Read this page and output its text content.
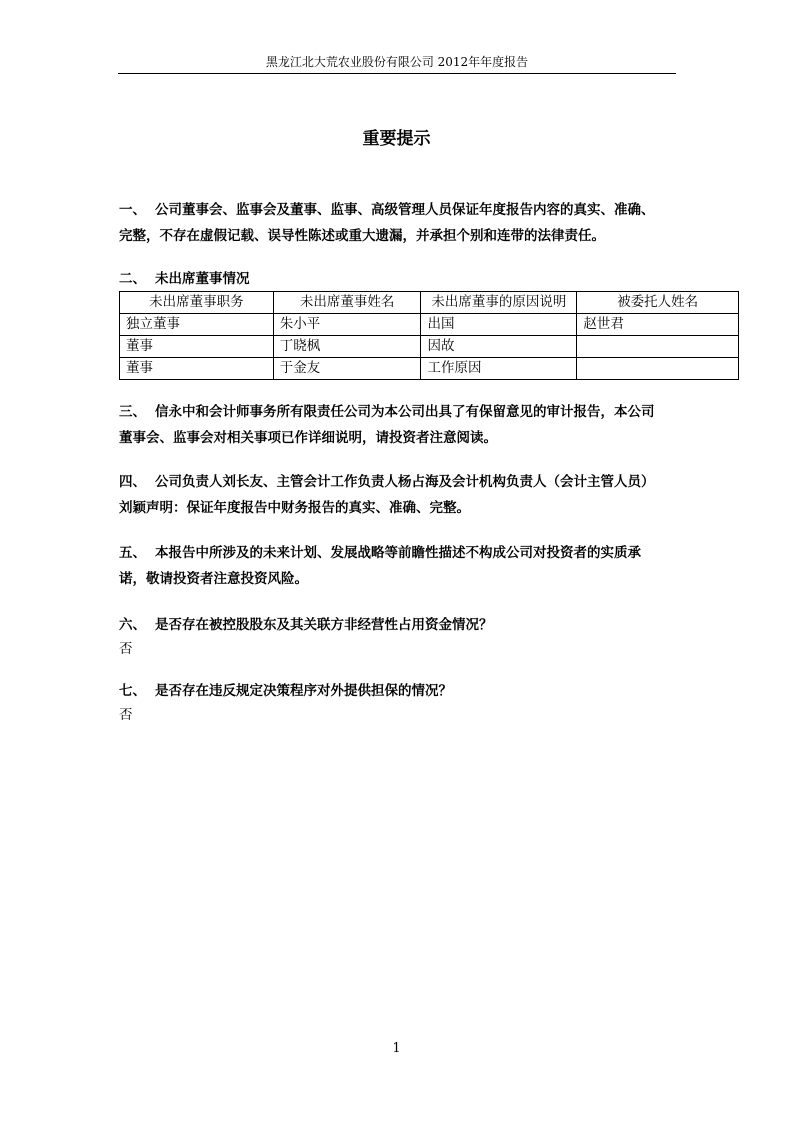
黑龙江北大荒农业股份有限公司 2012年年度报告
重要提示

一、 公司董事会、监事会及董事、监事、高级管理人员保证年度报告内容的真实、准确、

完整，不存在虚假记载、误导性陈述或重大遗漏，并承担个别和连带的法律责任。

二、 未出席董事情况

未出席董事职务	未出席董事姓名	未出席董事的原因说明	被委托人姓名
独立董事	朱小平	出国	赵世君
董事	丁晓枫	因故	
董事	于金友	工作原因	

三、 信永中和会计师事务所有限责任公司为本公司出具了有保留意见的审计报告，本公司

董事会、监事会对相关事项已作详细说明，请投资者注意阅读。

四、 公司负责人刘长友、主管会计工作负责人杨占海及会计机构负责人（会计主管人员）

刘颖声明：保证年度报告中财务报告的真实、准确、完整。

五、 本报告中所涉及的未来计划、发展战略等前瞻性描述不构成公司对投资者的实质承

诺，敬请投资者注意投资风险。

六、 是否存在被控股股东及其关联方非经营性占用资金情况？

否

七、 是否存在违反规定决策程序对外提供担保的情况？

否

1
